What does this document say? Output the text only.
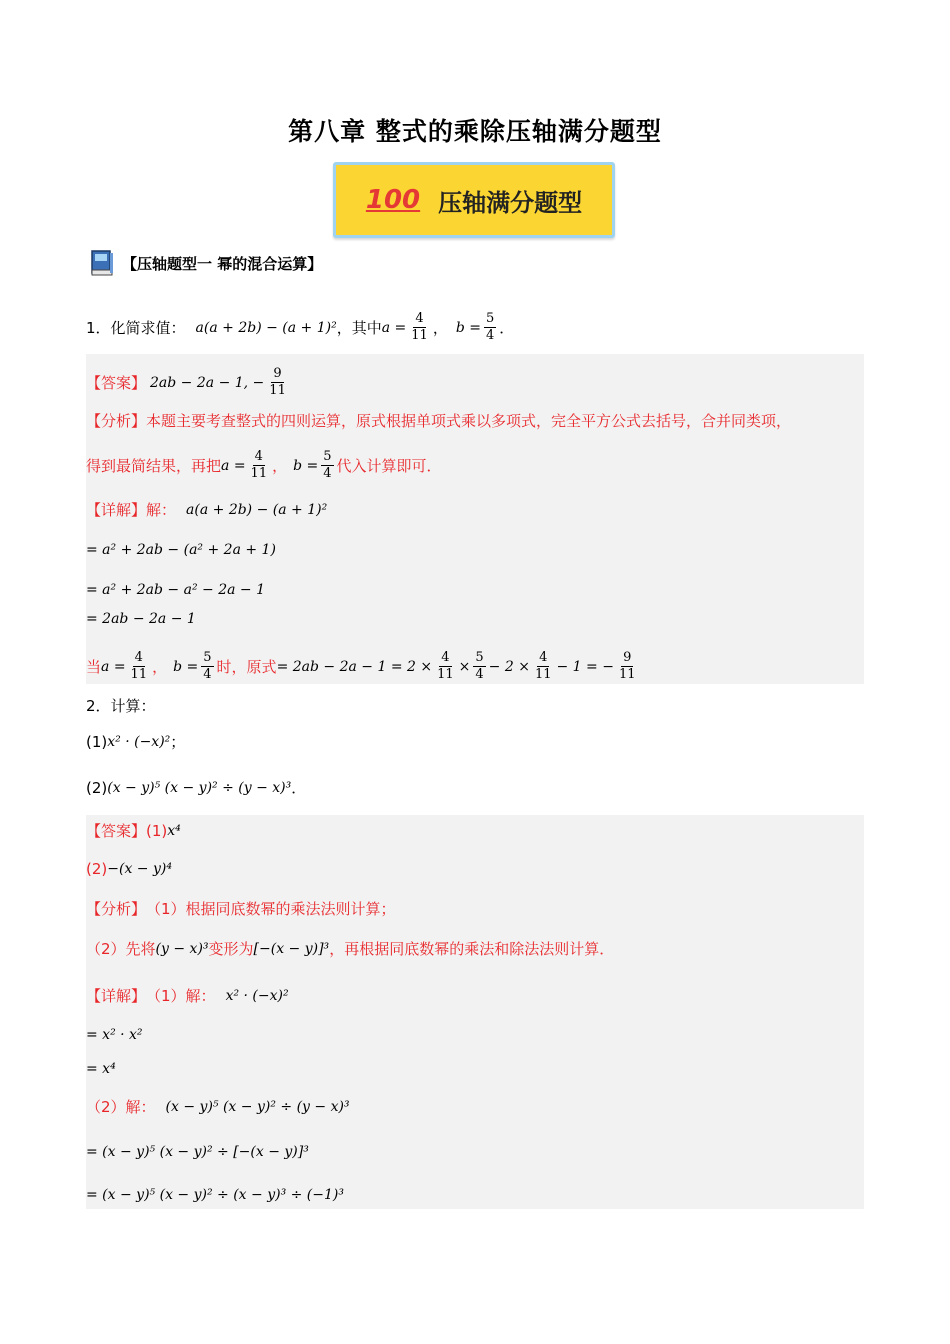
第八章 整式的乘除压轴满分题型
100 压轴满分题型
【压轴题型一 幂的混合运算】
1．化简求值： a(a + 2b) − (a + 1)² ，其中 $a = \frac{4}{11}$ ， $b = \frac{5}{4}$ ．
【答案】 2ab − 2a − 1, − $\frac{9}{11}$
【分析】 本题主要考查整式的四则运算，原式根据单项式乘以多项式，完全平方公式去括号，合并同类项，
得到最简结果，再把 $a = \frac{4}{11}$ ， $b = \frac{5}{4}$ 代入计算即可．
【详解】 解： a(a + 2b) − (a + 1)²
= a² + 2ab − (a² + 2a + 1)
= a² + 2ab − a² − 2a − 1
= 2ab − 2a − 1
当 $a = \frac{4}{11}$ ， $b = \frac{5}{4}$ 时，原式 = $2ab - 2a - 1 = 2 \times \frac{4}{11} \times \frac{5}{4} - 2 \times \frac{4}{11} - 1$ = − $\frac{9}{11}$
2．计算：
(1) x² · (−x)² ；
(2) (x − y)⁵ (x − y)² ÷ (y − x)³ ．
【答案】 (1) x⁴
(2) −(x − y)⁴
【分析】 （1）根据同底数幂的乘法法则计算；
（2）先将 (y − x)³ 变形为 [−(x − y)]³ ，再根据同底数幂的乘法和除法法则计算．
【详解】 （1）解： x² · (−x)²
= x² · x²
= x⁴
（2）解： (x − y)⁵ (x − y)² ÷ (y − x)³
= (x − y)⁵ (x − y)² ÷ [−(x − y)]³
= (x − y)⁵ (x − y)² ÷ (x − y)³ ÷ (−1)³
